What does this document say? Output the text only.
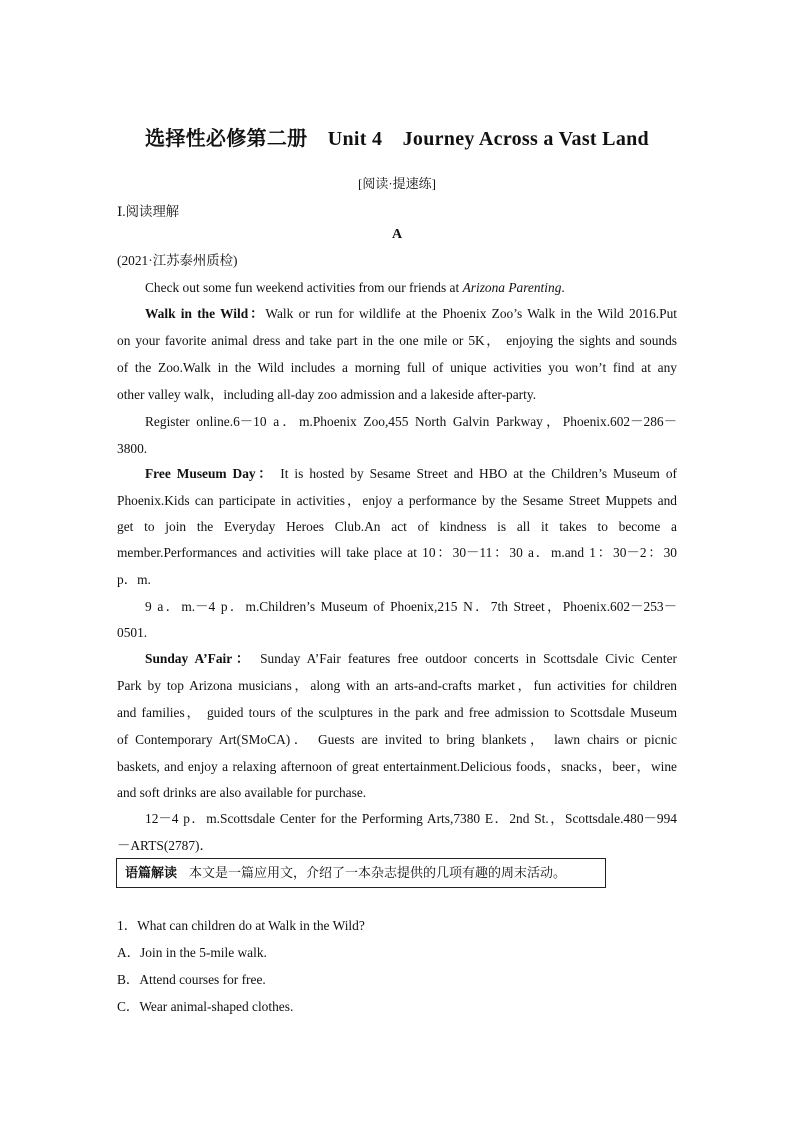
选择性必修第二册　Unit 4　Journey Across a Vast Land
[阅读·提速练]
Ⅰ.阅读理解
A
(2021·江苏泰州质检)
Check out some fun weekend activities from our friends at Arizona Parenting.
Walk in the Wild：Walk or run for wildlife at the Phoenix Zoo’s Walk in the Wild 2016.Put
on your favorite animal dress and take part in the one mile or 5K， enjoying the sights and sounds
of the Zoo.Walk in the Wild includes a morning full of unique activities you won’t find at any
other valley walk，including all-day zoo admission and a lakeside after-party.
Register online.6－10 a．m.Phoenix Zoo,455 North Galvin Parkway，Phoenix.602－286－
3800.
Free Museum Day： It is hosted by Sesame Street and HBO at the Children’s Museum of
Phoenix.Kids can participate in activities，enjoy a performance by the Sesame Street Muppets and
get to join the Everyday Heroes Club.An act of kindness is all it takes to become a
member.Performances and activities will take place at 10：30－11：30 a．m.and 1：30－2：30
p．m.
9 a．m.－4 p．m.Children’s Museum of Phoenix,215 N．7th Street，Phoenix.602－253－
0501.
Sunday A’Fair： Sunday A’Fair features free outdoor concerts in Scottsdale Civic Center
Park by top Arizona musicians，along with an arts-and-crafts market，fun activities for children
and families， guided tours of the sculptures in the park and free admission to Scottsdale Museum
of Contemporary Art(SMoCA)． Guests are invited to bring blankets， lawn chairs or picnic
baskets, and enjoy a relaxing afternoon of great entertainment.Delicious foods，snacks，beer，wine
and soft drinks are also available for purchase.
12－4 p．m.Scottsdale Center for the Performing Arts,7380 E．2nd St.，Scottsdale.480－994
－ARTS(2787)．
语篇解读 本文是一篇应用文，介绍了一本杂志提供的几项有趣的周末活动。
1．What can children do at Walk in the Wild?
A．Join in the 5-mile walk.
B．Attend courses for free.
C．Wear animal-shaped clothes.
